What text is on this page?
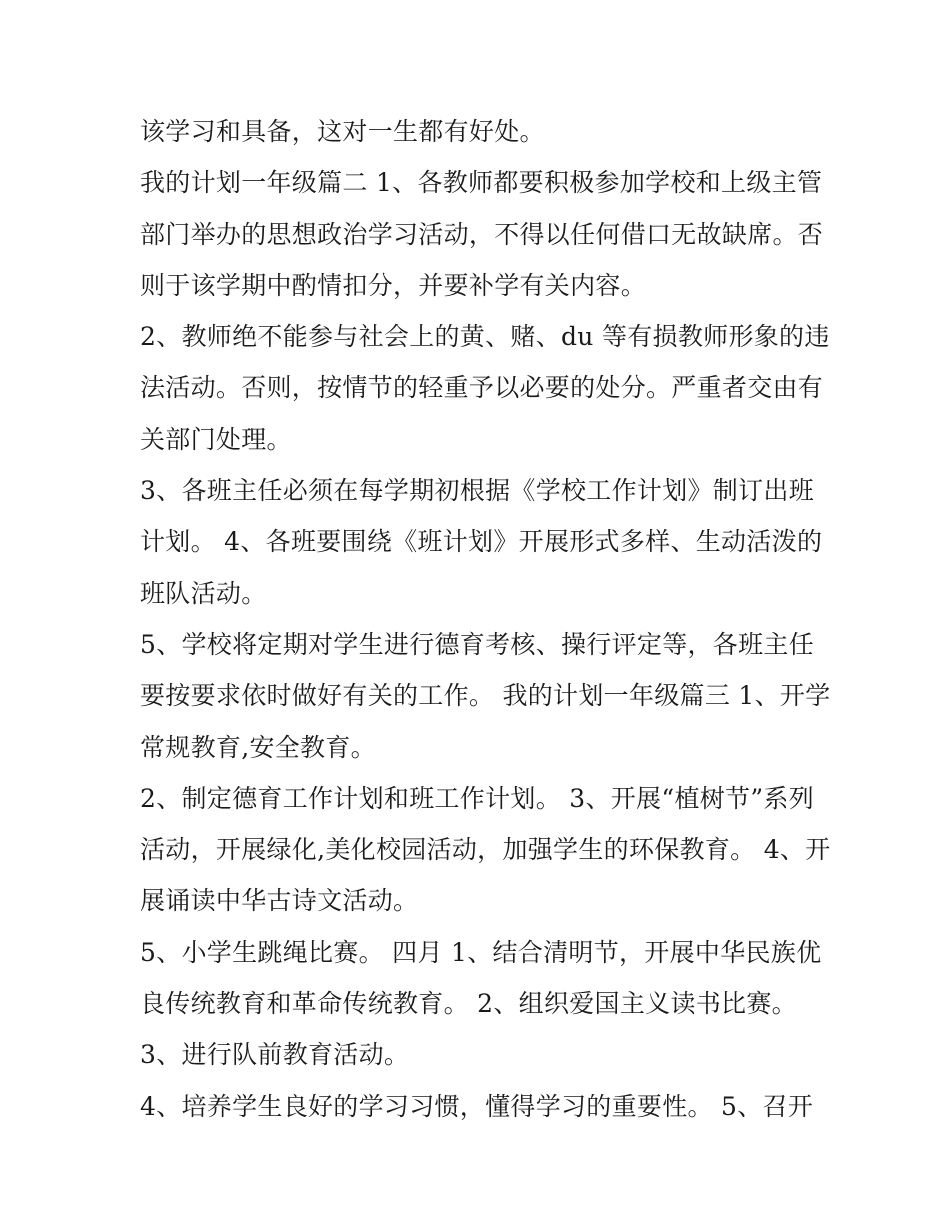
该学习和具备，这对一生都有好处。
我的计划一年级篇二 1、各教师都要积极参加学校和上级主管
部门举办的思想政治学习活动，不得以任何借口无故缺席。否
则于该学期中酌情扣分，并要补学有关内容。
2、教师绝不能参与社会上的黄、赌、du 等有损教师形象的违
法活动。否则，按情节的轻重予以必要的处分。严重者交由有
关部门处理。
3、各班主任必须在每学期初根据《学校工作计划》制订出班
计划。 4、各班要围绕《班计划》开展形式多样、生动活泼的
班队活动。
5、学校将定期对学生进行德育考核、操行评定等，各班主任
要按要求依时做好有关的工作。 我的计划一年级篇三 1、开学
常规教育,安全教育。
2、制定德育工作计划和班工作计划。 3、开展“植树节”系列
活动，开展绿化,美化校园活动，加强学生的环保教育。 4、开
展诵读中华古诗文活动。
5、小学生跳绳比赛。 四月 1、结合清明节，开展中华民族优
良传统教育和革命传统教育。 2、组织爱国主义读书比赛。
3、进行队前教育活动。
4、培养学生良好的学习习惯，懂得学习的重要性。 5、召开
